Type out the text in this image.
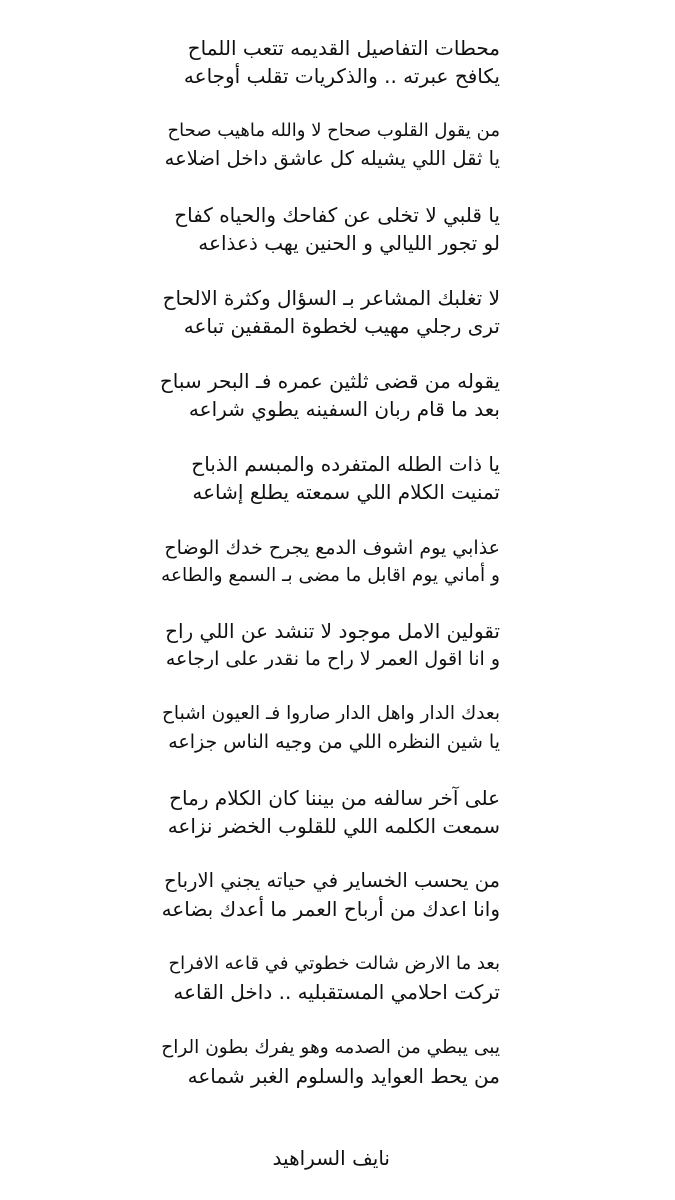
محطات التفاصيل القديمه تتعب اللماح
يكافح عبرته .. والذكريات تقلب أوجاعه
من يقول القلوب صحاح لا والله ماهيب صحاح
يا ثقل اللي يشيله كل عاشق داخل اضلاعه
يا قلبي لا تخلى عن كفاحك والحياه كفاح
لو تجور الليالي و الحنين يهب ذعذاعه
لا تغلبك المشاعر بـ السؤال وكثرة الالحاح
ترى رجلي مهيب لخطوة المقفين تباعه
يقوله من قضى ثلثين عمره فـ البحر سباح
بعد ما قام ربان السفينه يطوي شراعه
يا ذات الطله المتفرده والمبسم الذباح
تمنيت الكلام اللي سمعته يطلع إشاعه
عذابي يوم اشوف الدمع يجرح خدك الوضاح
و أماني يوم اقابل ما مضى بـ السمع والطاعه
تقولين الامل موجود لا تنشد عن اللي راح
و انا اقول العمر لا راح ما نقدر على ارجاعه
بعدك الدار واهل الدار صاروا فـ العيون اشباح
يا شين النظره اللي من وجيه الناس جزاعه
على آخر سالفه من بيننا كان الكلام رماح
سمعت الكلمه اللي للقلوب الخضر نزاعه
من يحسب الخساير في حياته يجني الارباح
وانا اعدك من أرباح العمر ما أعدك بضاعه
بعد ما الارض شالت خطوتي في قاعه الافراح
تركت احلامي المستقبليه .. داخل القاعه
يبى يبطي من الصدمه وهو يفرك بطون الراح
من يحط العوايد والسلوم الغبر شماعه
نايف السراهيد
